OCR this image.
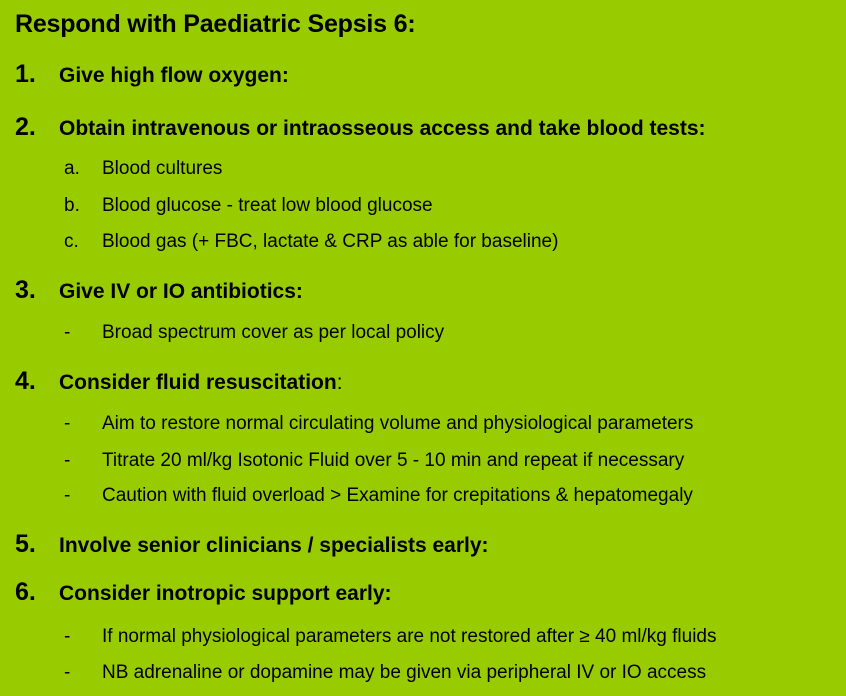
Respond with Paediatric Sepsis 6:
1. Give high flow oxygen:
2. Obtain intravenous or intraosseous access and take blood tests:
a. Blood cultures
b. Blood glucose - treat low blood glucose
c. Blood gas (+ FBC, lactate & CRP as able for baseline)
3. Give IV or IO antibiotics:
- Broad spectrum cover as per local policy
4. Consider fluid resuscitation:
- Aim to restore normal circulating volume and physiological parameters
- Titrate 20 ml/kg Isotonic Fluid over 5 - 10 min and repeat if necessary
- Caution with fluid overload > Examine for crepitations & hepatomegaly
5. Involve senior clinicians / specialists early:
6. Consider inotropic support early:
- If normal physiological parameters are not restored after ≥ 40 ml/kg fluids
- NB adrenaline or dopamine may be given via peripheral IV or IO access
